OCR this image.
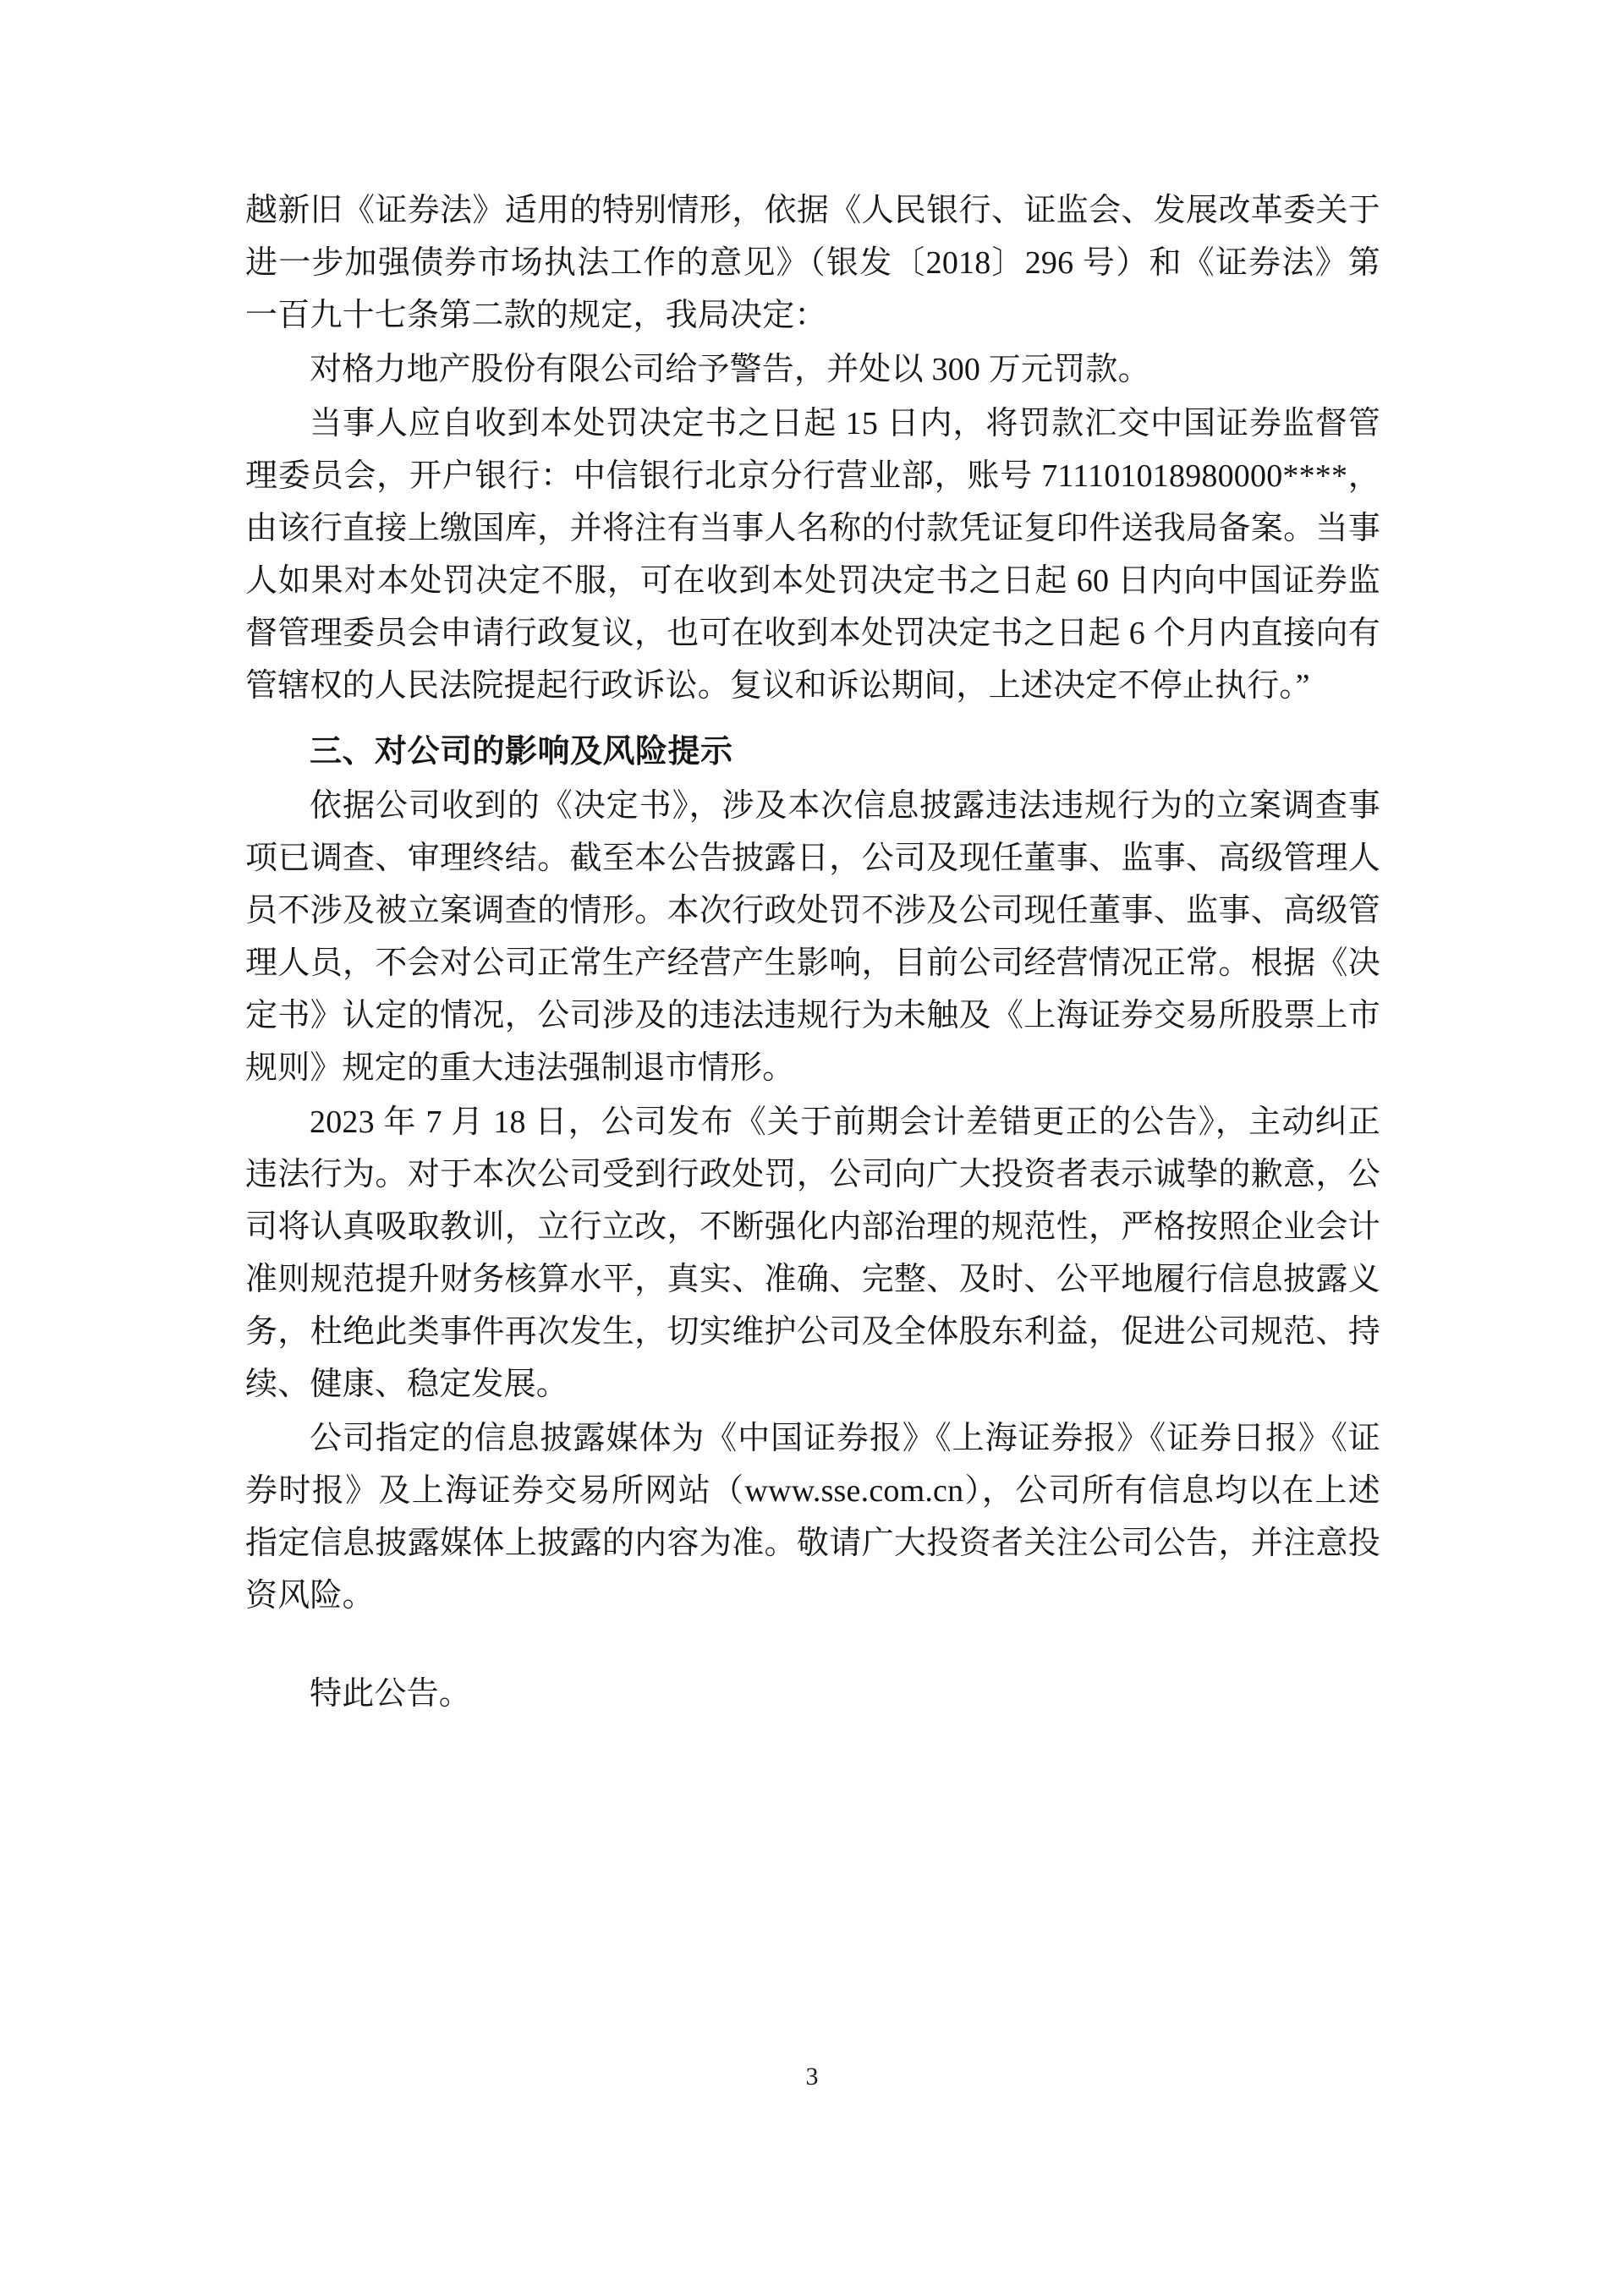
越新旧《证券法》适用的特别情形，依据《人民银行、证监会、发展改革委关于进一步加强债券市场执法工作的意见》（银发〔2018〕296 号）和《证券法》第一百九十七条第二款的规定，我局决定：

对格力地产股份有限公司给予警告，并处以 300 万元罚款。

当事人应自收到本处罚决定书之日起 15 日内，将罚款汇交中国证券监督管理委员会，开户银行：中信银行北京分行营业部，账号 711101018980000****，由该行直接上缴国库，并将注有当事人名称的付款凭证复印件送我局备案。当事人如果对本处罚决定不服，可在收到本处罚决定书之日起 60 日内向中国证券监督管理委员会申请行政复议，也可在收到本处罚决定书之日起 6 个月内直接向有管辖权的人民法院提起行政诉讼。复议和诉讼期间，上述决定不停止执行。”

三、对公司的影响及风险提示

依据公司收到的《决定书》，涉及本次信息披露违法违规行为的立案调查事项已调查、审理终结。截至本公告披露日，公司及现任董事、监事、高级管理人员不涉及被立案调查的情形。本次行政处罚不涉及公司现任董事、监事、高级管理人员，不会对公司正常生产经营产生影响，目前公司经营情况正常。根据《决定书》认定的情况，公司涉及的违法违规行为未触及《上海证券交易所股票上市规则》规定的重大违法强制退市情形。

2023 年 7 月 18 日，公司发布《关于前期会计差错更正的公告》，主动纠正违法行为。对于本次公司受到行政处罚，公司向广大投资者表示诚挚的歉意，公司将认真吸取教训，立行立改，不断强化内部治理的规范性，严格按照企业会计准则规范提升财务核算水平，真实、准确、完整、及时、公平地履行信息披露义务，杜绝此类事件再次发生，切实维护公司及全体股东利益，促进公司规范、持续、健康、稳定发展。

公司指定的信息披露媒体为《中国证券报》《上海证券报》《证券日报》《证券时报》及上海证券交易所网站（www.sse.com.cn），公司所有信息均以在上述指定信息披露媒体上披露的内容为准。敬请广大投资者关注公司公告，并注意投资风险。

特此公告。

3
